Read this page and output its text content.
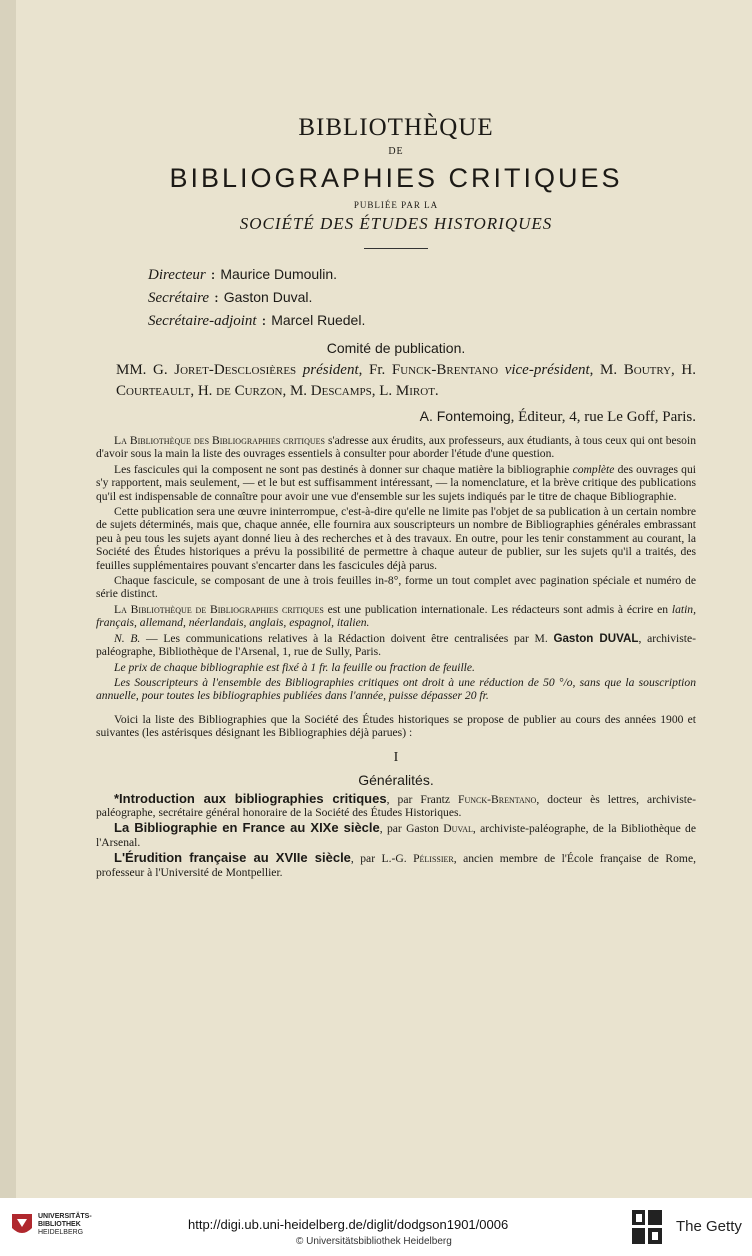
BIBLIOTHÈQUE
DE
BIBLIOGRAPHIES CRITIQUES
PUBLIÉE PAR LA
SOCIÉTÉ DES ÉTUDES HISTORIQUES
Directeur : Maurice Dumoulin.
Secrétaire : Gaston Duval.
Secrétaire-adjoint : Marcel Ruedel.
Comité de publication.
MM. G. Joret-Desclosières président, Fr. Funck-Brentano vice-président, M. Boutry, H. Courteault, H. de Curzon, M. Descamps, L. Mirot.
A. Fontemoing, Éditeur, 4, rue Le Goff, Paris.

La Bibliothèque des Bibliographies critiques s'adresse aux érudits, aux professeurs, aux étudiants, à tous ceux qui ont besoin d'avoir sous la main la liste des ouvrages essentiels à consulter pour aborder l'étude d'une question.

Les fascicules qui la composent ne sont pas destinés à donner sur chaque matière la bibliographie complète des ouvrages qui s'y rapportent, mais seulement, — et le but est suffisamment intéressant, — la nomenclature, et la brève critique des publications qu'il est indispensable de connaître pour avoir une vue d'ensemble sur les sujets indiqués par le titre de chaque Bibliographie.

Cette publication sera une œuvre ininterrompue, c'est-à-dire qu'elle ne limite pas l'objet de sa publication à un certain nombre de sujets déterminés, mais que, chaque année, elle fournira aux souscripteurs un nombre de Bibliographies générales embrassant peu à peu tous les sujets ayant donné lieu à des recherches et à des travaux. En outre, pour les tenir constamment au courant, la Société des Études historiques a prévu la possibilité de permettre à chaque auteur de publier, sur les sujets qu'il a traités, des feuilles supplémentaires pouvant s'encarter dans les fascicules déjà parus.

Chaque fascicule, se composant de une à trois feuilles in-8°, forme un tout complet avec pagination spéciale et numéro de série distinct.

La Bibliothèque de Bibliographies critiques est une publication internationale. Les rédacteurs sont admis à écrire en latin, français, allemand, néerlandais, anglais, espagnol, italien.

N. B. — Les communications relatives à la Rédaction doivent être centralisées par M. Gaston DUVAL, archiviste-paléographe, Bibliothèque de l'Arsenal, 1, rue de Sully, Paris.

Le prix de chaque bibliographie est fixé à 1 fr. la feuille ou fraction de feuille.

Les Souscripteurs à l'ensemble des Bibliographies critiques ont droit à une réduction de 50 °/o, sans que la souscription annuelle, pour toutes les bibliographies publiées dans l'année, puisse dépasser 20 fr.

Voici la liste des Bibliographies que la Société des Études historiques se propose de publier au cours des années 1900 et suivantes (les astérisques désignant les Bibliographies déjà parues) :

I
Généralités.
*Introduction aux bibliographies critiques, par Frantz Funck-Brentano, docteur ès lettres, archiviste-paléographe, secrétaire général honoraire de la Société des Études Historiques.
La Bibliographie en France au XIXe siècle, par Gaston Duval, archiviste-paléographe, de la Bibliothèque de l'Arsenal.
L'Érudition française au XVIIe siècle, par L.-G. Pélissier, ancien membre de l'École française de Rome, professeur à l'Université de Montpellier.
UNIVERSITÄTS-
BIBLIOTHEK
HEIDELBERG
http://digi.ub.uni-heidelberg.de/diglit/dodgson1901/0006
© Universitätsbibliothek Heidelberg
The Getty
